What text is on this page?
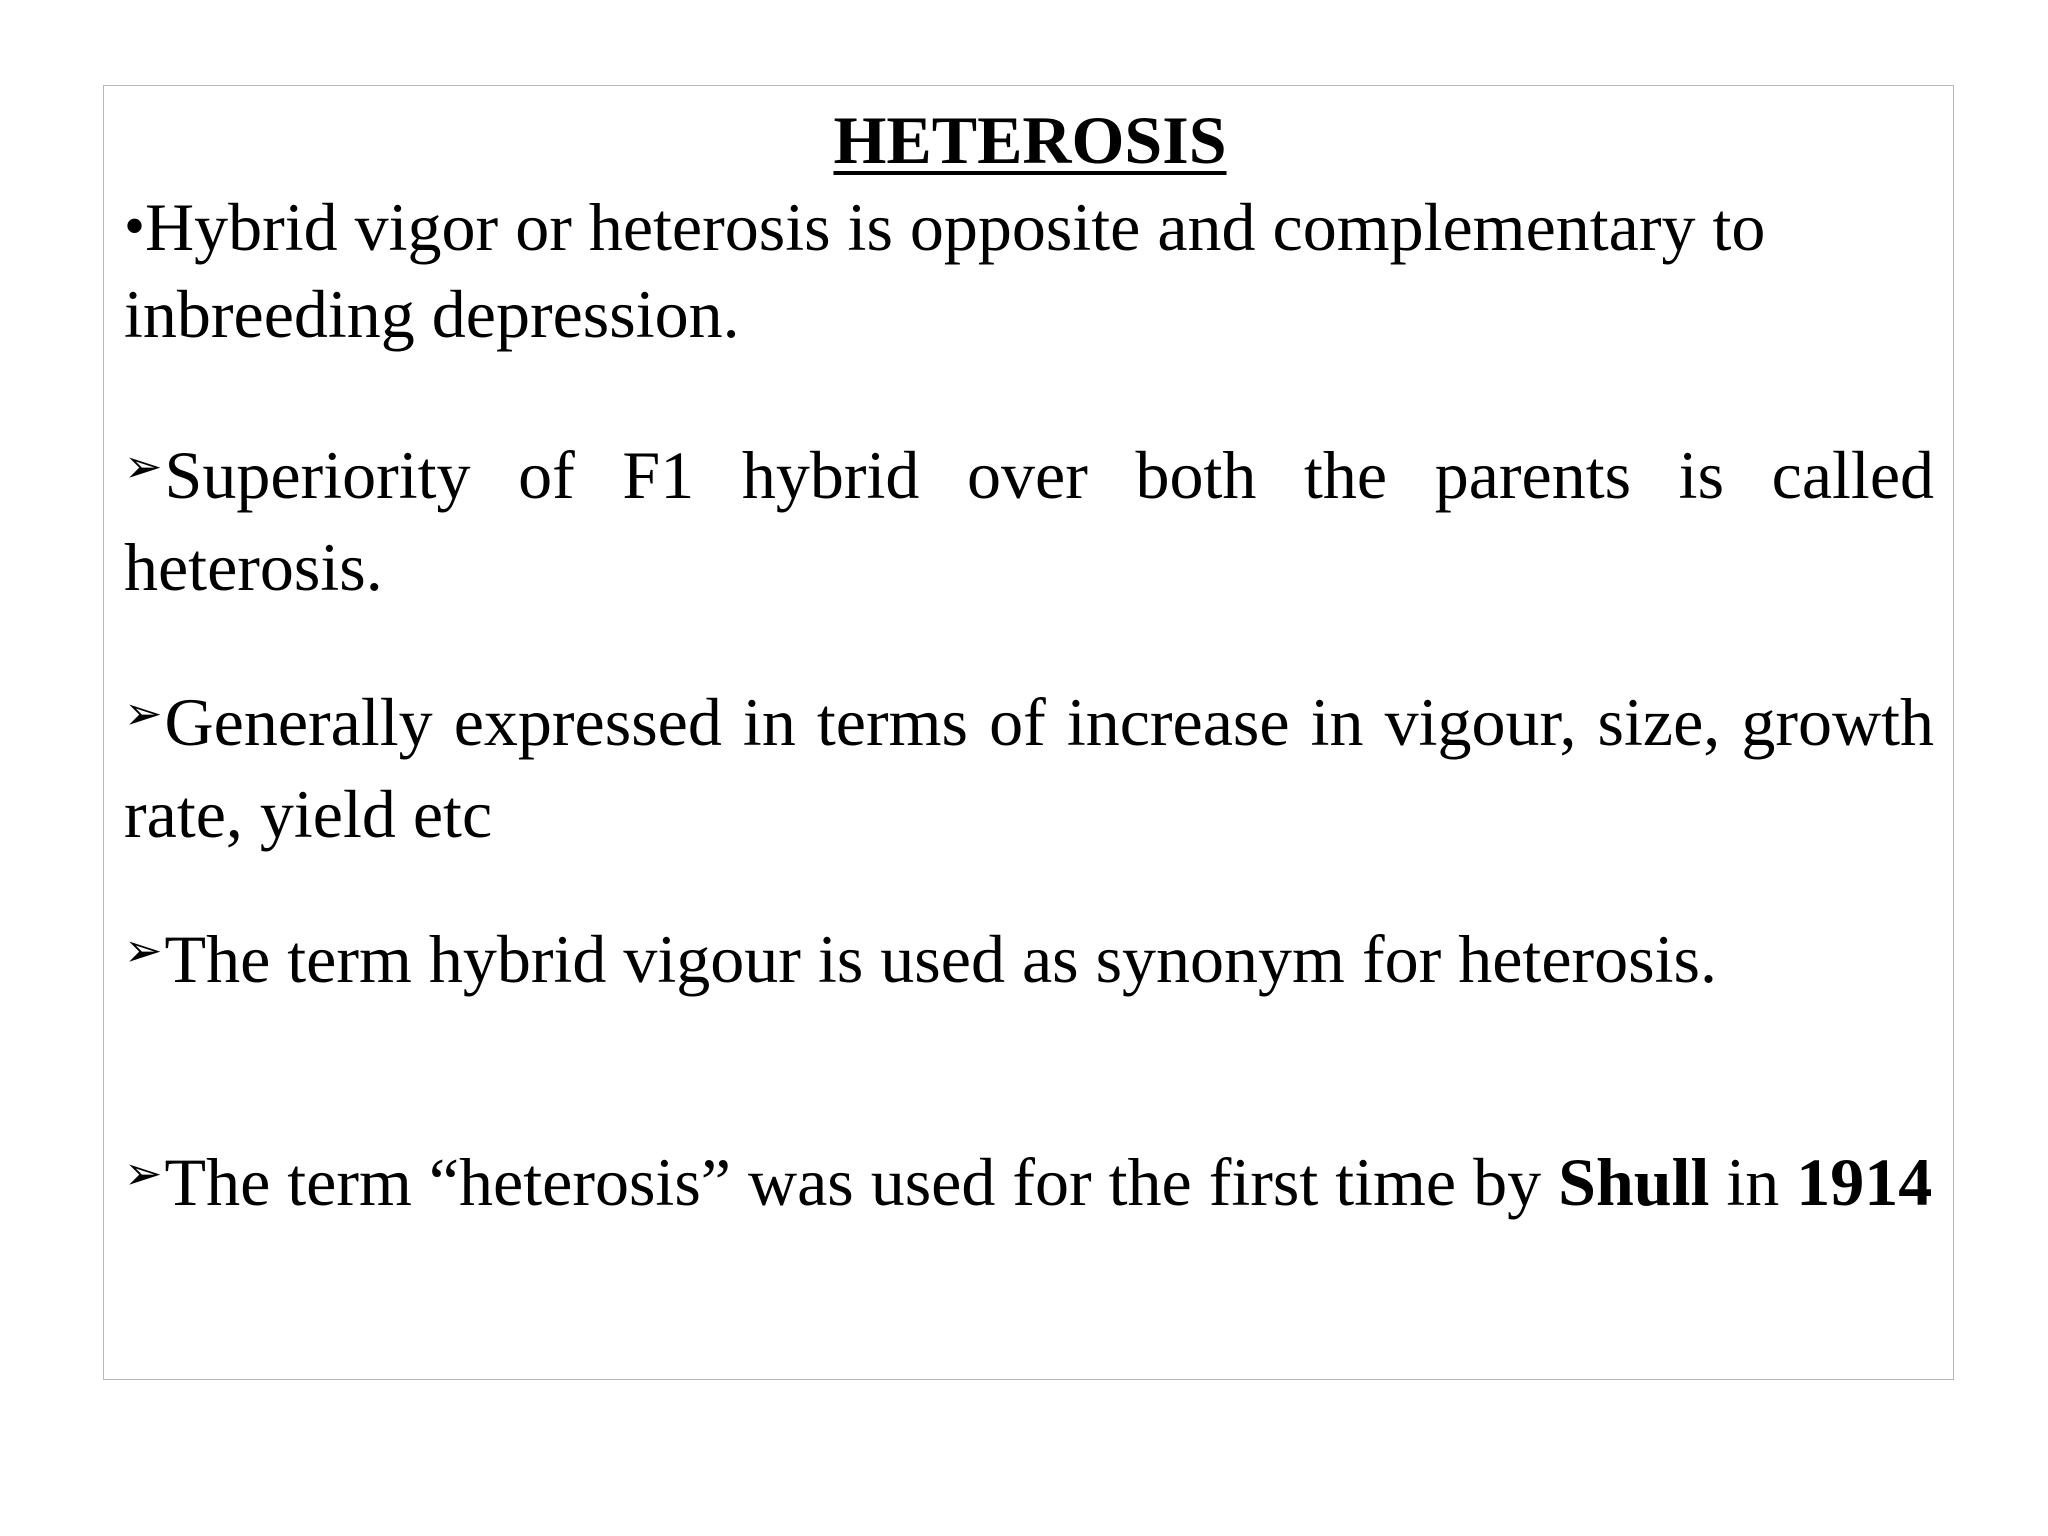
HETEROSIS

•Hybrid vigor or heterosis is opposite and complementary to inbreeding depression.

➢Superiority of F1 hybrid over both the parents is called heterosis.

➢Generally expressed in terms of increase in vigour, size, growth rate, yield etc

➢The term hybrid vigour is used as synonym for heterosis.

➢The term “heterosis” was used for the first time by Shull in 1914
